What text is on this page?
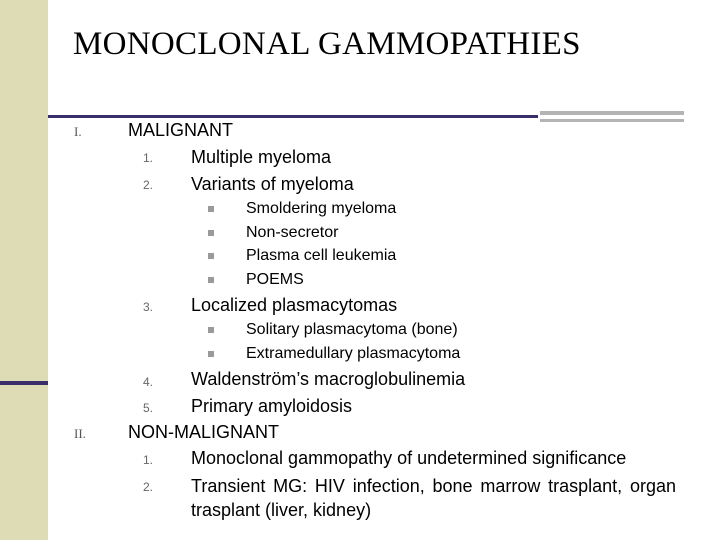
MONOCLONAL GAMMOPATHIES
I.	MALIGNANT
1. Multiple myeloma
2. Variants of myeloma
Smoldering myeloma
Non-secretor
Plasma cell leukemia
POEMS
3. Localized plasmacytomas
Solitary plasmacytoma (bone)
Extramedullary plasmacytoma
4. Waldenström’s macroglobulinemia
5. Primary amyloidosis
II. NON-MALIGNANT
1. Monoclonal gammopathy of undetermined significance
2. Transient MG: HIV infection, bone marrow trasplant, organ trasplant (liver, kidney)
